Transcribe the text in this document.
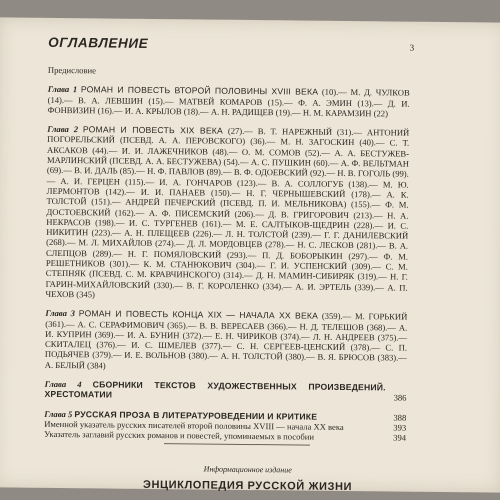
ОГЛАВЛЕНИЕ	3
Предисловие
Глава 1 РОМАН И ПОВЕСТЬ ВТОРОЙ ПОЛОВИНЫ XVIII ВЕКА (10).— М. Д. ЧУЛКОВ (14).— В. А. ЛЕВШИН (15).— МАТВЕЙ КОМАРОВ (15).— Ф. А. ЭМИН (13).— Д. И. ФОНВИЗИН (16).— И. А. КРЫЛОВ (18).— А. Н. РАДИЩЕВ (19).— Н. М. КАРАМЗИН (22)
Глава 2 РОМАН И ПОВЕСТЬ XIX ВЕКА (27).— В. Т. НАРЕЖНЫЙ (31).— АНТОНИЙ ПОГОРЕЛЬСКИЙ (ПСЕВД. А. А. ПЕРОВСКОГО) (36).— М. Н. ЗАГОСКИН (40).— С. Т. АКСАКОВ (44).— И. И. ЛАЖЕЧНИКОВ (48).— О. М. СОМОВ (52).— А. А. БЕСТУЖЕВ-МАРЛИНСКИЙ (ПСЕВД. А. А. БЕСТУЖЕВА) (54).— А. С. ПУШКИН (60).— А. Ф. ВЕЛЬТМАН (69).— В. И. ДАЛЬ (85).— Н. Ф. ПАВЛОВ (89).— В. Ф. ОДОЕВСКИЙ (92).— Н. В. ГОГОЛЬ (99).— А. И. ГЕРЦЕН (115).— И. А. ГОНЧАРОВ (123).— В. А. СОЛЛОГУБ (138).— М. Ю. ЛЕРМОНТОВ (142).— И. И. ПАНАЕВ (150).— Н. Г. ЧЕРНЫШЕВСКИЙ (178).— А. К. ТОЛСТОЙ (151).— АНДРЕЙ ПЕЧЕРСКИЙ (ПСЕВД. П. И. МЕЛЬНИКОВА) (155).— Ф. М. ДОСТОЕВСКИЙ (162).— А. Ф. ПИСЕМСКИЙ (206).— Д. В. ГРИГОРОВИЧ (213).— Н. А. НЕКРАСОВ (198).— И. С. ТУРГЕНЕВ (161).— М. Е. САЛТЫКОВ-ЩЕДРИН (228).— И. С. НИКИТИН (223).— А. Н. ПЛЕЩЕЕВ (226).— Л. Н. ТОЛСТОЙ (239).— Г. Г. ДАНИЛЕВСКИЙ (268).— М. Л. МИХАЙЛОВ (274).— Д. Л. МОРДОВЦЕВ (278).— Н. С. ЛЕСКОВ (281).— В. А. СЛЕПЦОВ (289).— Н. Г. ПОМЯЛОВСКИЙ (293).— П. Д. БОБОРЫКИН (297).— Ф. М. РЕШЕТНИКОВ (301).— К. М. СТАНЮКОВИЧ (304).— Г. И. УСПЕНСКИЙ (309).— С. М. СТЕПНЯК (ПСЕВД. С. М. КРАВЧИНСКОГО) (314).— Д. Н. МАМИН-СИБИРЯК (319).— Н. Г. ГАРИН-МИХАЙЛОВСКИЙ (330).— В. Г. КОРОЛЕНКО (334).— А. И. ЭРТЕЛЬ (339).— А. П. ЧЕХОВ (345)
Глава 3 РОМАН И ПОВЕСТЬ КОНЦА XIX — НАЧАЛА XX ВЕКА (359).— М. ГОРЬКИЙ (361).— А. С. СЕРАФИМОВИЧ (365).— В. В. ВЕРЕСАЕВ (366).— Н. Д. ТЕЛЕШОВ (368).— А. И. КУПРИН (369).— И. А. БУНИН (372).— Е. Н. ЧИРИКОВ (374).— Л. Н. АНДРЕЕВ (375).— СКИТАЛЕЦ (376).— И. С. ШМЕЛЕВ (377).— С. Н. СЕРГЕЕВ-ЦЕНСКИЙ (378).— С. П. ПОДЬЯЧЕВ (379).— И. Е. ВОЛЬНОВ (380).— А. Н. ТОЛСТОЙ (380).— В. Я. БРЮСОВ (383).— А. БЕЛЫЙ (384)
Глава 4 СБОРНИКИ ТЕКСТОВ ХУДОЖЕСТВЕННЫХ ПРОИЗВЕДЕНИЙ. ХРЕСТОМАТИИ	386
Глава 5 РУССКАЯ ПРОЗА В ЛИТЕРАТУРОВЕДЕНИИ И КРИТИКЕ	388
Именной указатель русских писателей второй половины XVIII — начала XX века	393
Указатель заглавий русских романов и повестей, упоминаемых в пособии	394
Информационное издание
ЭНЦИКЛОПЕДИЯ РУССКОЙ ЖИЗНИ
